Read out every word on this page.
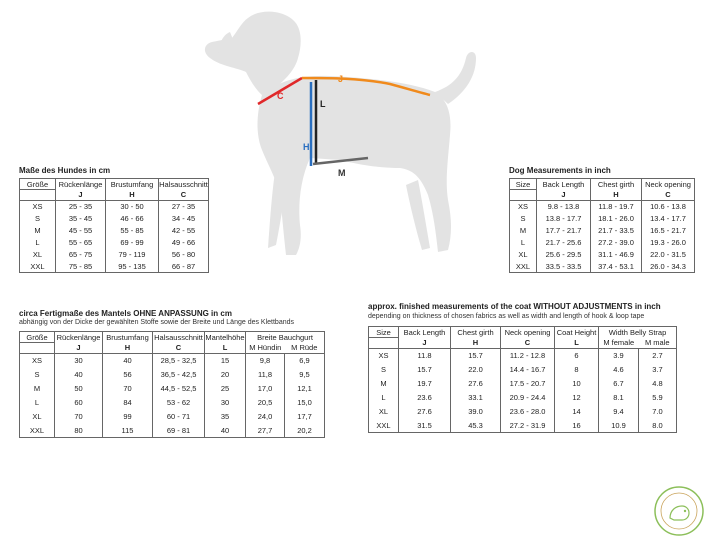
C
J
L
H
M
Maße des Hundes in cm
Größe	Rückenlänge	Brustumfang	Halsausschnitt
	J	H	C
XS	25 - 35	30 - 50	27 - 35
S	35 - 45	46 - 66	34 - 45
M	45 - 55	55 - 85	42 - 55
L	55 - 65	69 - 99	49 - 66
XL	65 - 75	79 - 119	56 - 80
XXL	75 - 85	95 - 135	66 - 87
Dog Measurements in inch
Size	Back Length	Chest girth	Neck opening
	J	H	C
XS	9.8 - 13.8	11.8 - 19.7	10.6 - 13.8
S	13.8 - 17.7	18.1 - 26.0	13.4 - 17.7
M	17.7 - 21.7	21.7 - 33.5	16.5 - 21.7
L	21.7 - 25.6	27.2 - 39.0	19.3 - 26.0
XL	25.6 - 29.5	31.1 - 46.9	22.0 - 31.5
XXL	33.5 - 33.5	37.4 - 53.1	26.0 - 34.3
circa Fertigmaße des Mantels OHNE ANPASSUNG in cm
abhängig von der Dicke der gewählten Stoffe sowie der Breite und Länge des Klettbands
Größe	Rückenlänge	Brustumfang	Halsausschnitt	Mantelhöhe	Breite Bauchgurt	
	J	H	C	L	M Hündin	M Rüde
XS	30	40	28,5 - 32,5	15	9,8	6,9
S	40	56	36,5 - 42,5	20	11,8	9,5
M	50	70	44,5 - 52,5	25	17,0	12,1
L	60	84	53 - 62	30	20,5	15,0
XL	70	99	60 - 71	35	24,0	17,7
XXL	80	115	69 - 81	40	27,7	20,2
approx. finished measurements of the coat WITHOUT ADJUSTMENTS in inch
depending on thickness of chosen fabrics as well as width and length of hook & loop tape
Size	Back Length	Chest girth	Neck opening	Coat Height	Width Belly Strap	
	J	H	C	L	M female	M male
XS	11.8	15.7	11.2 - 12.8	6	3.9	2.7
S	15.7	22.0	14.4 - 16.7	8	4.6	3.7
M	19.7	27.6	17.5 - 20.7	10	6.7	4.8
L	23.6	33.1	20.9 - 24.4	12	8.1	5.9
XL	27.6	39.0	23.6 - 28.0	14	9.4	7.0
XXL	31.5	45.3	27.2 - 31.9	16	10.9	8.0
